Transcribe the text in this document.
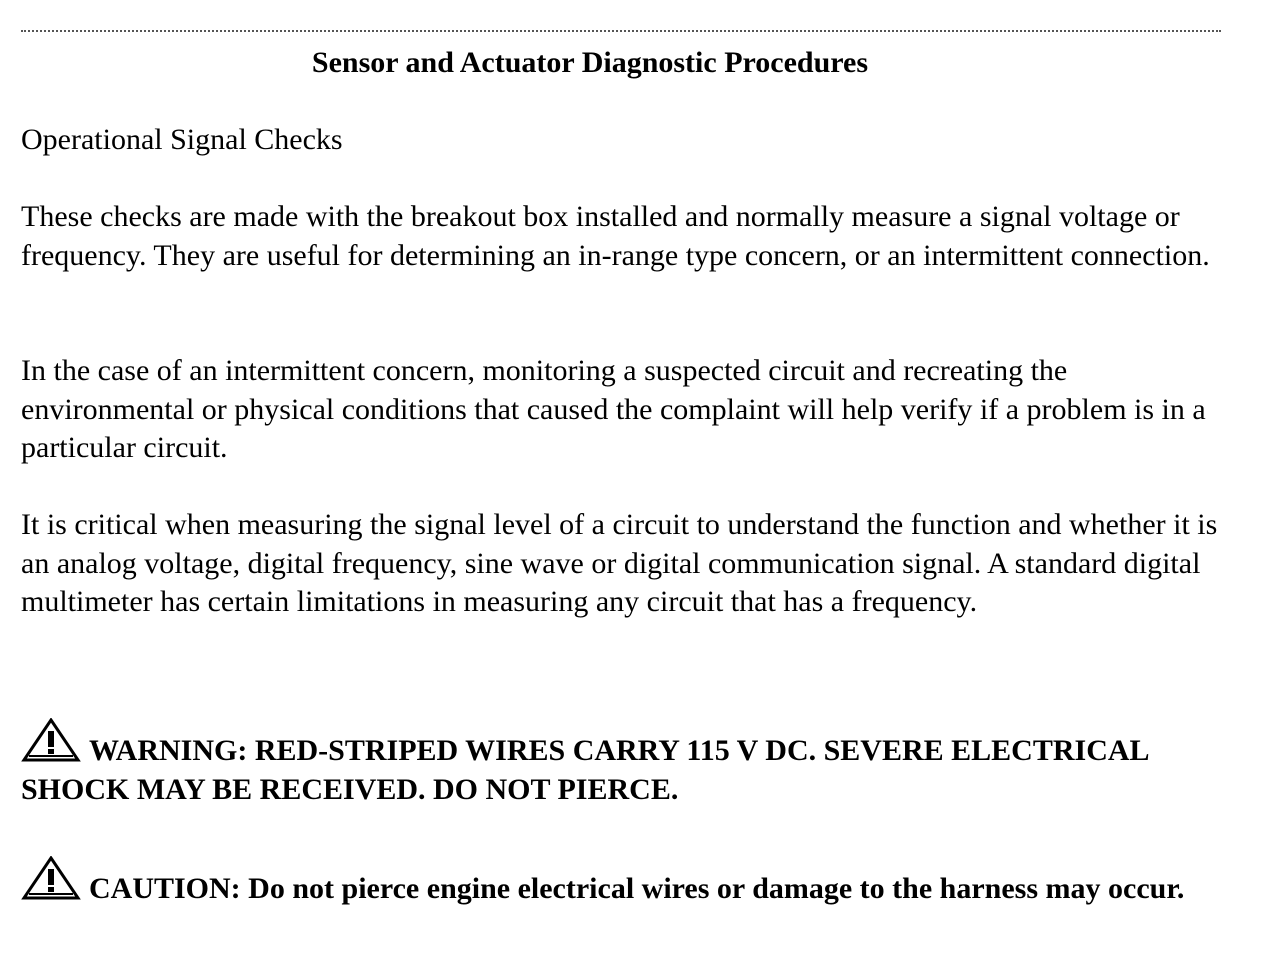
Sensor and Actuator Diagnostic Procedures

Operational Signal Checks

These checks are made with the breakout box installed and normally measure a signal voltage or frequency. They are useful for determining an in-range type concern, or an intermittent connection.

In the case of an intermittent concern, monitoring a suspected circuit and recreating the environmental or physical conditions that caused the complaint will help verify if a problem is in a particular circuit.

It is critical when measuring the signal level of a circuit to understand the function and whether it is an analog voltage, digital frequency, sine wave or digital communication signal. A standard digital multimeter has certain limitations in measuring any circuit that has a frequency.

WARNING: RED-STRIPED WIRES CARRY 115 V DC. SEVERE ELECTRICAL SHOCK MAY BE RECEIVED. DO NOT PIERCE.

CAUTION: Do not pierce engine electrical wires or damage to the harness may occur.
